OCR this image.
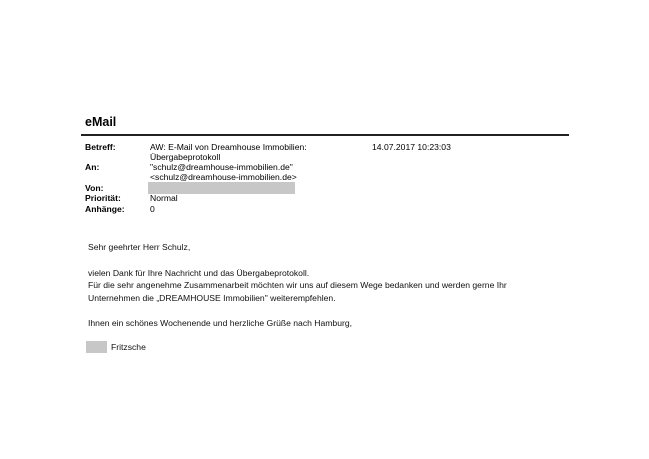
eMail
Betreff:	AW: E-Mail von Dreamhouse Immobilien:	14.07.2017 10:23:03
Übergabeprotokoll
An:	"schulz@dreamhouse-immobilien.de"
<schulz@dreamhouse-immobilien.de>
Von:
Priorität:	Normal
Anhänge:	0
Sehr geehrter Herr Schulz,
vielen Dank für Ihre Nachricht und das Übergabeprotokoll.
Für die sehr angenehme Zusammenarbeit möchten wir uns auf diesem Wege bedanken und werden gerne Ihr
Unternehmen die „DREAMHOUSE Immobilien" weiterempfehlen.
Ihnen ein schönes Wochenende und herzliche Grüße nach Hamburg,
Fritzsche
